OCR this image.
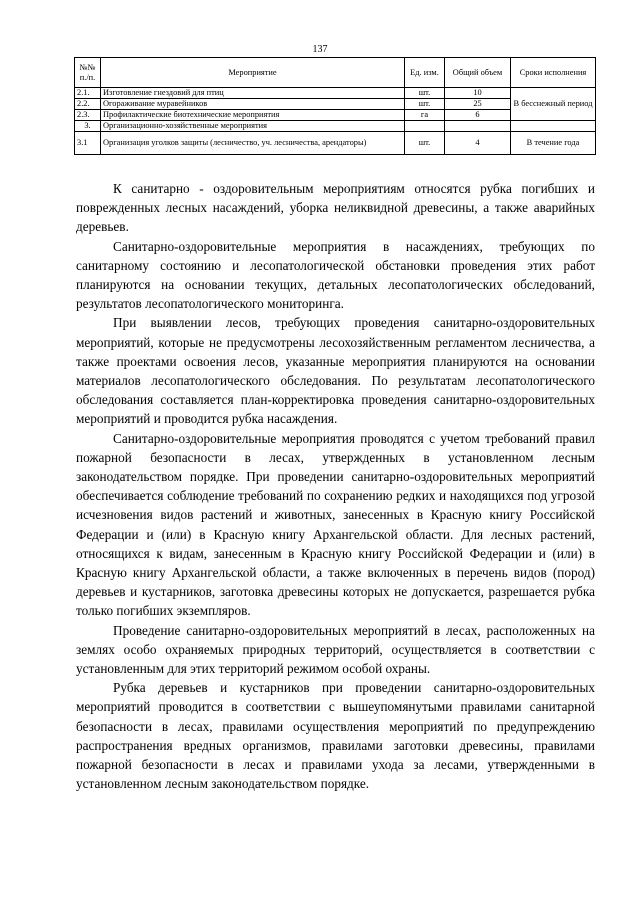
137
№№ п./п.	Мероприятие	Ед. изм.	Общий объем	Сроки исполнения
2.1.	Изготовление гнездовий для птиц	шт.	10	В бесснежный период
2.2.	Огораживание муравейников	шт.	25	
2.3.	Профилактические биотехнические мероприятия	га	6	
3.	Организационно-хозяйственные мероприятия			
3.1	Организация уголков защиты (лесничество, уч. лесничества, арендаторы)	шт.	4	В течение года

К санитарно - оздоровительным мероприятиям относятся рубка погибших и поврежденных лесных насаждений, уборка неликвидной древесины, а также аварийных деревьев.

Санитарно-оздоровительные мероприятия в насаждениях, требующих по санитарному состоянию и лесопатологической обстановки проведения этих работ планируются на основании текущих, детальных лесопатологических обследований, результатов лесопатологического мониторинга.

При выявлении лесов, требующих проведения санитарно-оздоровительных мероприятий, которые не предусмотрены лесохозяйственным регламентом лесничества, а также проектами освоения лесов, указанные мероприятия планируются на основании материалов лесопатологического обследования. По результатам лесопатологического обследования составляется план-корректировка проведения санитарно-оздоровительных мероприятий и проводится рубка насаждения.

Санитарно-оздоровительные мероприятия проводятся с учетом требований правил пожарной безопасности в лесах, утвержденных в установленном лесным законодательством порядке. При проведении санитарно-оздоровительных мероприятий обеспечивается соблюдение требований по сохранению редких и находящихся под угрозой исчезновения видов растений и животных, занесенных в Красную книгу Российской Федерации и (или) в Красную книгу Архангельской области. Для лесных растений, относящихся к видам, занесенным в Красную книгу Российской Федерации и (или) в Красную книгу Архангельской области, а также включенных в перечень видов (пород) деревьев и кустарников, заготовка древесины которых не допускается, разрешается рубка только погибших экземпляров.

Проведение санитарно-оздоровительных мероприятий в лесах, расположенных на землях особо охраняемых природных территорий, осуществляется в соответствии с установленным для этих территорий режимом особой охраны.

Рубка деревьев и кустарников при проведении санитарно-оздоровительных мероприятий проводится в соответствии с вышеупомянутыми правилами санитарной безопасности в лесах, правилами осуществления мероприятий по предупреждению распространения вредных организмов, правилами заготовки древесины, правилами пожарной безопасности в лесах и правилами ухода за лесами, утвержденными в установленном лесным законодательством порядке.
